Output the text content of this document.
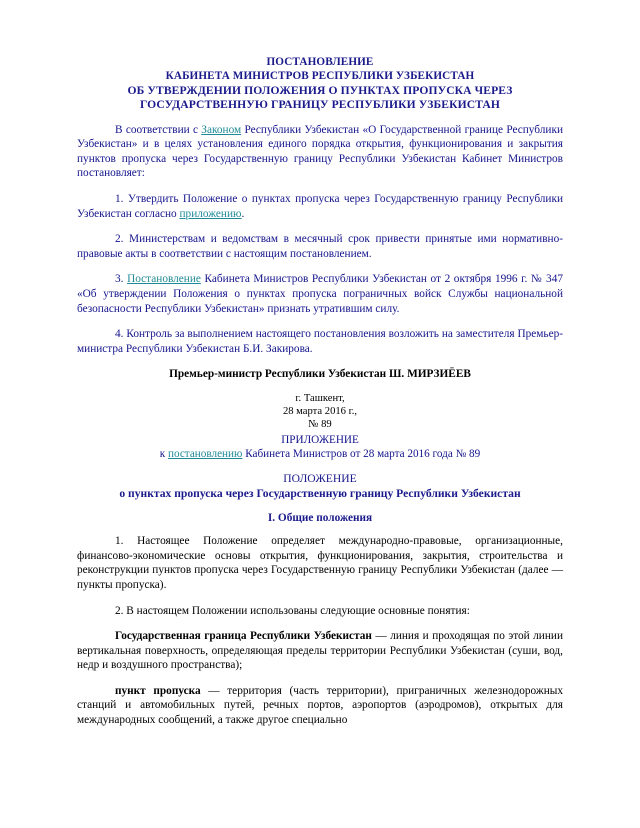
ПОСТАНОВЛЕНИЕ
КАБИНЕТА МИНИСТРОВ РЕСПУБЛИКИ УЗБЕКИСТАН
ОБ УТВЕРЖДЕНИИ ПОЛОЖЕНИЯ О ПУНКТАХ ПРОПУСКА ЧЕРЕЗ
ГОСУДАРСТВЕННУЮ ГРАНИЦУ РЕСПУБЛИКИ УЗБЕКИСТАН

В соответствии с Законом Республики Узбекистан «О Государственной границе Республики Узбекистан» и в целях установления единого порядка открытия, функционирования и закрытия пунктов пропуска через Государственную границу Республики Узбекистан Кабинет Министров постановляет:

1. Утвердить Положение о пунктах пропуска через Государственную границу Республики Узбекистан согласно приложению.

2. Министерствам и ведомствам в месячный срок привести принятые ими нормативно-правовые акты в соответствии с настоящим постановлением.

3. Постановление Кабинета Министров Республики Узбекистан от 2 октября 1996 г. № 347 «Об утверждении Положения о пунктах пропуска пограничных войск Службы национальной безопасности Республики Узбекистан» признать утратившим силу.

4. Контроль за выполнением настоящего постановления возложить на заместителя Премьер-министра Республики Узбекистан Б.И. Закирова.

Премьер-министр Республики Узбекистан Ш. МИРЗИЁЕВ
г. Ташкент,
28 марта 2016 г.,
№ 89
ПРИЛОЖЕНИЕ
к постановлению Кабинета Министров от 28 марта 2016 года № 89
ПОЛОЖЕНИЕ
о пунктах пропуска через Государственную границу Республики Узбекистан
I. Общие положения

1. Настоящее Положение определяет международно-правовые, организационные, финансово-экономические основы открытия, функционирования, закрытия, строительства и реконструкции пунктов пропуска через Государственную границу Республики Узбекистан (далее — пункты пропуска).

2. В настоящем Положении использованы следующие основные понятия:

Государственная граница Республики Узбекистан — линия и проходящая по этой линии вертикальная поверхность, определяющая пределы территории Республики Узбекистан (суши, вод, недр и воздушного пространства);

пункт пропуска — территория (часть территории), приграничных железнодорожных станций и автомобильных путей, речных портов, аэропортов (аэродромов), открытых для международных сообщений, а также другое специально
